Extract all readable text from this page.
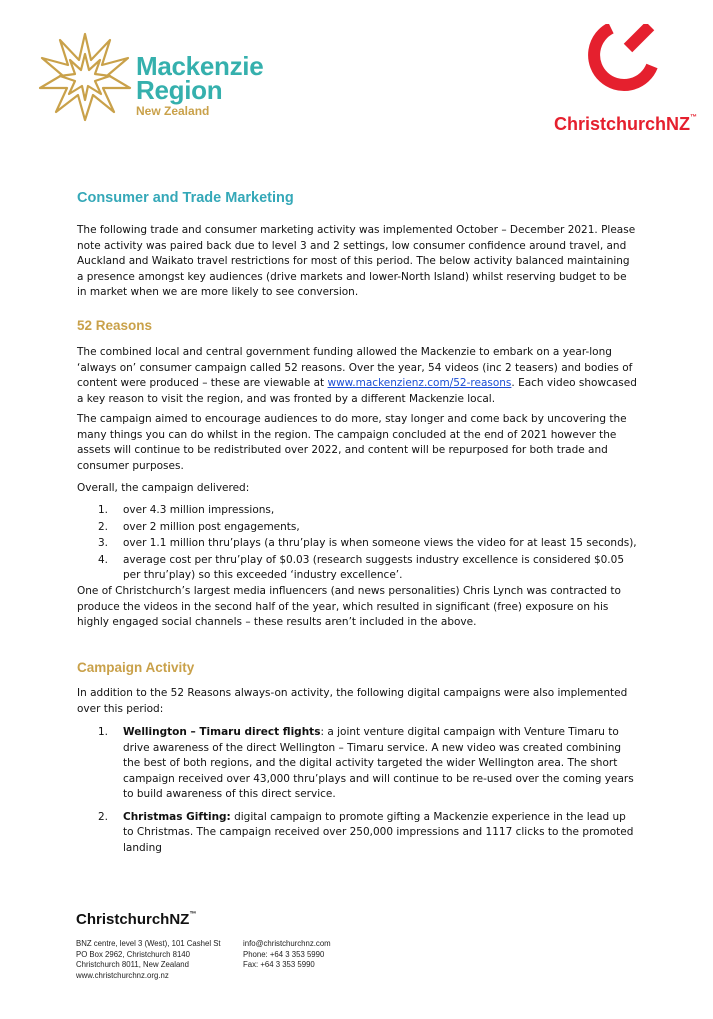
Mackenzie
Region
New Zealand
ChristchurchNZ™
Consumer and Trade Marketing
The following trade and consumer marketing activity was implemented October – December 2021. Please note activity was paired back due to level 3 and 2 settings, low consumer confidence around travel, and Auckland and Waikato travel restrictions for most of this period. The below activity balanced maintaining a presence amongst key audiences (drive markets and lower-North Island) whilst reserving budget to be in market when we are more likely to see conversion.
52 Reasons
The combined local and central government funding allowed the Mackenzie to embark on a year-long ‘always on’ consumer campaign called 52 reasons. Over the year, 54 videos (inc 2 teasers) and bodies of content were produced – these are viewable at www.mackenzienz.com/52-reasons. Each video showcased a key reason to visit the region, and was fronted by a different Mackenzie local.
The campaign aimed to encourage audiences to do more, stay longer and come back by uncovering the many things you can do whilst in the region. The campaign concluded at the end of 2021 however the assets will continue to be redistributed over 2022, and content will be repurposed for both trade and consumer purposes.
Overall, the campaign delivered:
1. over 4.3 million impressions,
2. over 2 million post engagements,
3. over 1.1 million thru’plays (a thru’play is when someone views the video for at least 15 seconds),
4. average cost per thru’play of $0.03 (research suggests industry excellence is considered $0.05 per thru’play) so this exceeded ‘industry excellence’.
One of Christchurch’s largest media influencers (and news personalities) Chris Lynch was contracted to produce the videos in the second half of the year, which resulted in significant (free) exposure on his highly engaged social channels – these results aren’t included in the above.
Campaign Activity
In addition to the 52 Reasons always-on activity, the following digital campaigns were also implemented over this period:
1. Wellington – Timaru direct flights: a joint venture digital campaign with Venture Timaru to drive awareness of the direct Wellington – Timaru service. A new video was created combining the best of both regions, and the digital activity targeted the wider Wellington area. The short campaign received over 43,000 thru’plays and will continue to be re-used over the coming years to build awareness of this direct service.
2. Christmas Gifting: digital campaign to promote gifting a Mackenzie experience in the lead up to Christmas. The campaign received over 250,000 impressions and 1117 clicks to the promoted landing
ChristchurchNZ™
BNZ centre, level 3 (West), 101 Cashel St
PO Box 2962, Christchurch 8140
Christchurch 8011, New Zealand
www.christchurchnz.org.nz
info@christchurchnz.com
Phone: +64 3 353 5990
Fax: +64 3 353 5990
